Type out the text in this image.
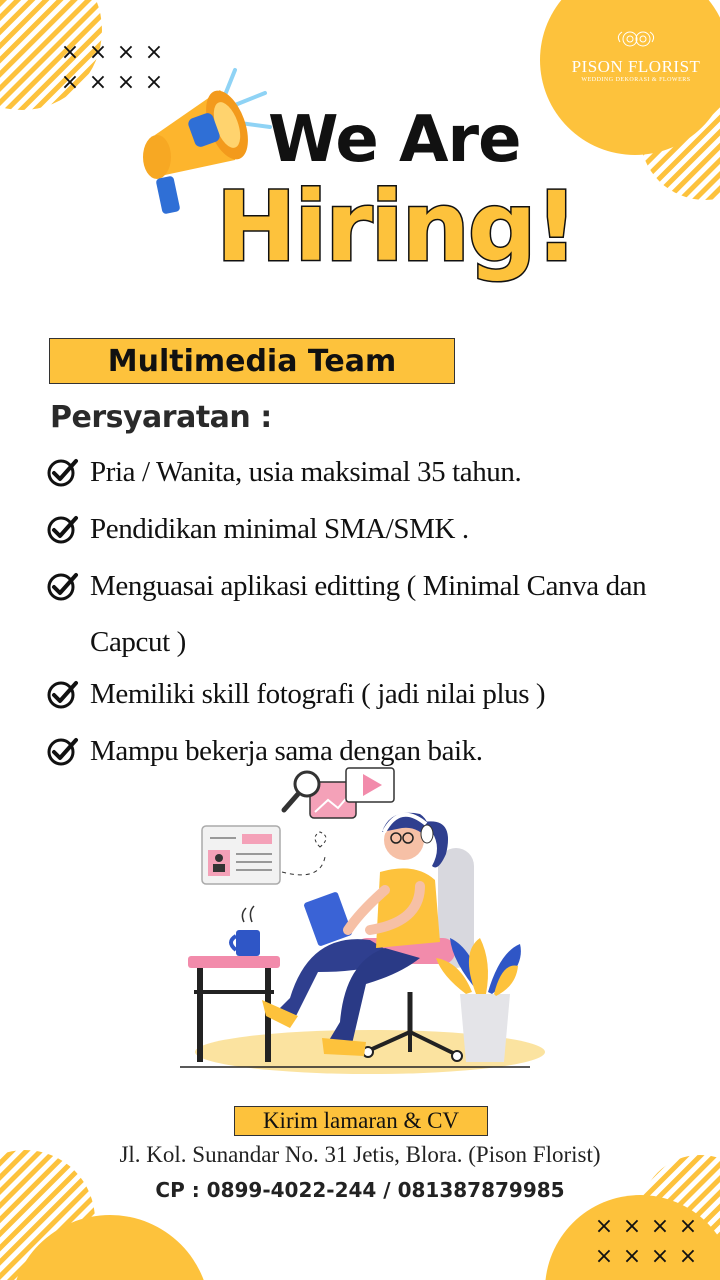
× × × ×
× × × ×
× × × ×
× × × ×
PISON FLORIST
WEDDING DEKORASI & FLOWERS
We Are
Hiring!
Multimedia Team
Persyaratan :
Pria / Wanita, usia maksimal 35 tahun.
Pendidikan minimal SMA/SMK .
Menguasai aplikasi editting ( Minimal Canva dan Capcut )
Memiliki skill fotografi ( jadi nilai plus )
Mampu bekerja sama dengan baik.
Kirim lamaran & CV
Jl. Kol. Sunandar No. 31 Jetis, Blora. (Pison Florist)
CP : 0899-4022-244 / 081387879985
